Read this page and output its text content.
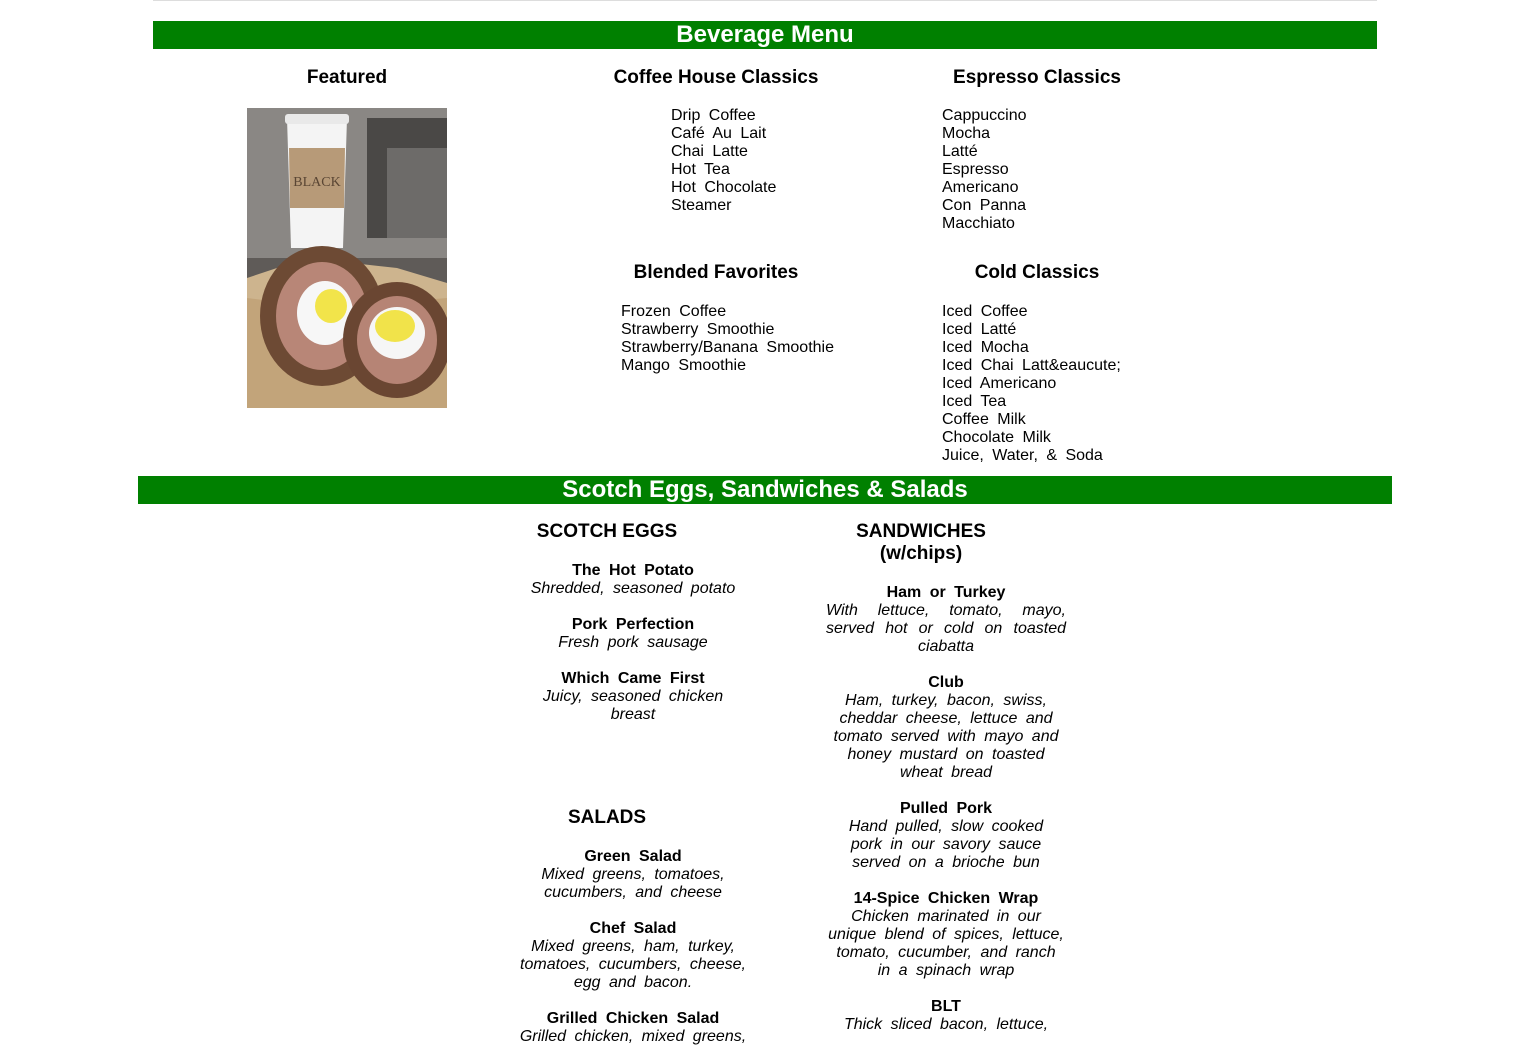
Beverage Menu
Featured
BLACK
Coffee House Classics
Drip Coffee
Café Au Lait
Chai Latte
Hot Tea
Hot Chocolate
Steamer
Espresso Classics
Cappuccino
Mocha
Latté
Espresso
Americano
Con Panna
Macchiato
Blended Favorites
Frozen Coffee
Strawberry Smoothie
Strawberry/Banana Smoothie
Mango Smoothie
Cold Classics
Iced Coffee
Iced Latté
Iced Mocha
Iced Chai Latt&eaucute;
Iced Americano
Iced Tea
Coffee Milk
Chocolate Milk
Juice, Water, & Soda
Scotch Eggs, Sandwiches & Salads
SCOTCH EGGS
The Hot Potato
Shredded, seasoned potato
Pork Perfection
Fresh pork sausage
Which Came First
Juicy, seasoned chicken breast
SALADS
Green Salad
Mixed greens, tomatoes, cucumbers, and cheese
Chef Salad
Mixed greens, ham, turkey, tomatoes, cucumbers, cheese, egg and bacon.
Grilled Chicken Salad
Grilled chicken, mixed greens,
SANDWICHES
(w/chips)
Ham or Turkey
With lettuce, tomato, mayo, served hot or cold on toasted ciabatta
Club
Ham, turkey, bacon, swiss, cheddar cheese, lettuce and tomato served with mayo and honey mustard on toasted wheat bread
Pulled Pork
Hand pulled, slow cooked pork in our savory sauce served on a brioche bun
14-Spice Chicken Wrap
Chicken marinated in our unique blend of spices, lettuce, tomato, cucumber, and ranch in a spinach wrap
BLT
Thick sliced bacon, lettuce,
